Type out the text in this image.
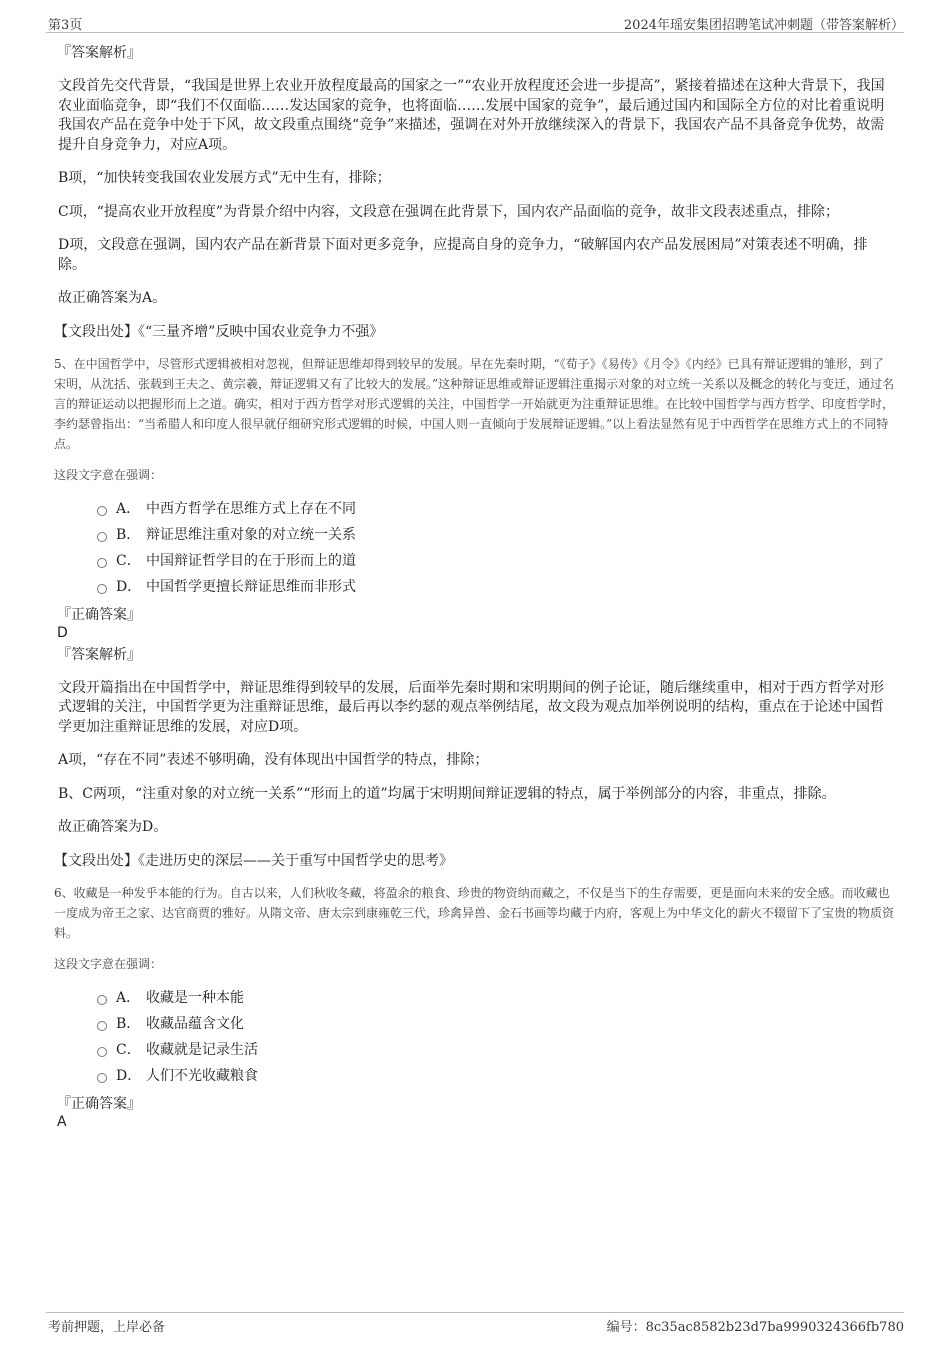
第3页	2024年瑶安集团招聘笔试冲刺题（带答案解析）

『答案解析』

文段首先交代背景，“我国是世界上农业开放程度最高的国家之一”“农业开放程度还会进一步提高”，紧接着描述在这种大背景下，我国农业面临竞争，即“我们不仅面临……发达国家的竞争，也将面临……发展中国家的竞争”，最后通过国内和国际全方位的对比着重说明我国农产品在竞争中处于下风，故文段重点围绕“竞争”来描述，强调在对外开放继续深入的背景下，我国农产品不具备竞争优势，故需提升自身竞争力，对应A项。

B项，“加快转变我国农业发展方式”无中生有，排除；

C项，“提高农业开放程度”为背景介绍中内容，文段意在强调在此背景下，国内农产品面临的竞争，故非文段表述重点，排除；

D项，文段意在强调，国内农产品在新背景下面对更多竞争，应提高自身的竞争力，“破解国内农产品发展困局”对策表述不明确，排除。

故正确答案为A。

【文段出处】《“三量齐增”反映中国农业竞争力不强》

5、在中国哲学中，尽管形式逻辑被相对忽视，但辩证思维却得到较早的发展。早在先秦时期，“《荀子》《易传》《月令》《内经》已具有辩证逻辑的雏形，到了宋明，从沈括、张载到王夫之、黄宗羲，辩证逻辑又有了比较大的发展。”这种辩证思维或辩证逻辑注重揭示对象的对立统一关系以及概念的转化与变迁，通过名言的辩证运动以把握形而上之道。确实，相对于西方哲学对形式逻辑的关注，中国哲学一开始就更为注重辩证思维。在比较中国哲学与西方哲学、印度哲学时，李约瑟曾指出：“当希腊人和印度人很早就仔细研究形式逻辑的时候，中国人则一直倾向于发展辩证逻辑。”以上看法显然有见于中西哲学在思维方式上的不同特点。

这段文字意在强调：

A． 中西方哲学在思维方式上存在不同
B． 辩证思维注重对象的对立统一关系
C． 中国辩证哲学目的在于形而上的道
D． 中国哲学更擅长辩证思维而非形式

『正确答案』

D

『答案解析』

文段开篇指出在中国哲学中，辩证思维得到较早的发展，后面举先秦时期和宋明期间的例子论证，随后继续重申，相对于西方哲学对形式逻辑的关注，中国哲学更为注重辩证思维，最后再以李约瑟的观点举例结尾，故文段为观点加举例说明的结构，重点在于论述中国哲学更加注重辩证思维的发展，对应D项。

A项，“存在不同”表述不够明确，没有体现出中国哲学的特点，排除；

B、C两项，“注重对象的对立统一关系”“形而上的道”均属于宋明期间辩证逻辑的特点，属于举例部分的内容，非重点，排除。

故正确答案为D。

【文段出处】《走进历史的深层——关于重写中国哲学史的思考》

6、收藏是一种发乎本能的行为。自古以来，人们秋收冬藏，将盈余的粮食、珍贵的物资纳而藏之，不仅是当下的生存需要，更是面向未来的安全感。而收藏也一度成为帝王之家、达官商贾的雅好。从隋文帝、唐太宗到康雍乾三代，珍禽异兽、金石书画等均藏于内府，客观上为中华文化的薪火不辍留下了宝贵的物质资料。

这段文字意在强调：

A． 收藏是一种本能
B． 收藏品蕴含文化
C． 收藏就是记录生活
D． 人们不光收藏粮食

『正确答案』

A

考前押题，上岸必备	编号：8c35ac8582b23d7ba9990324366fb780
